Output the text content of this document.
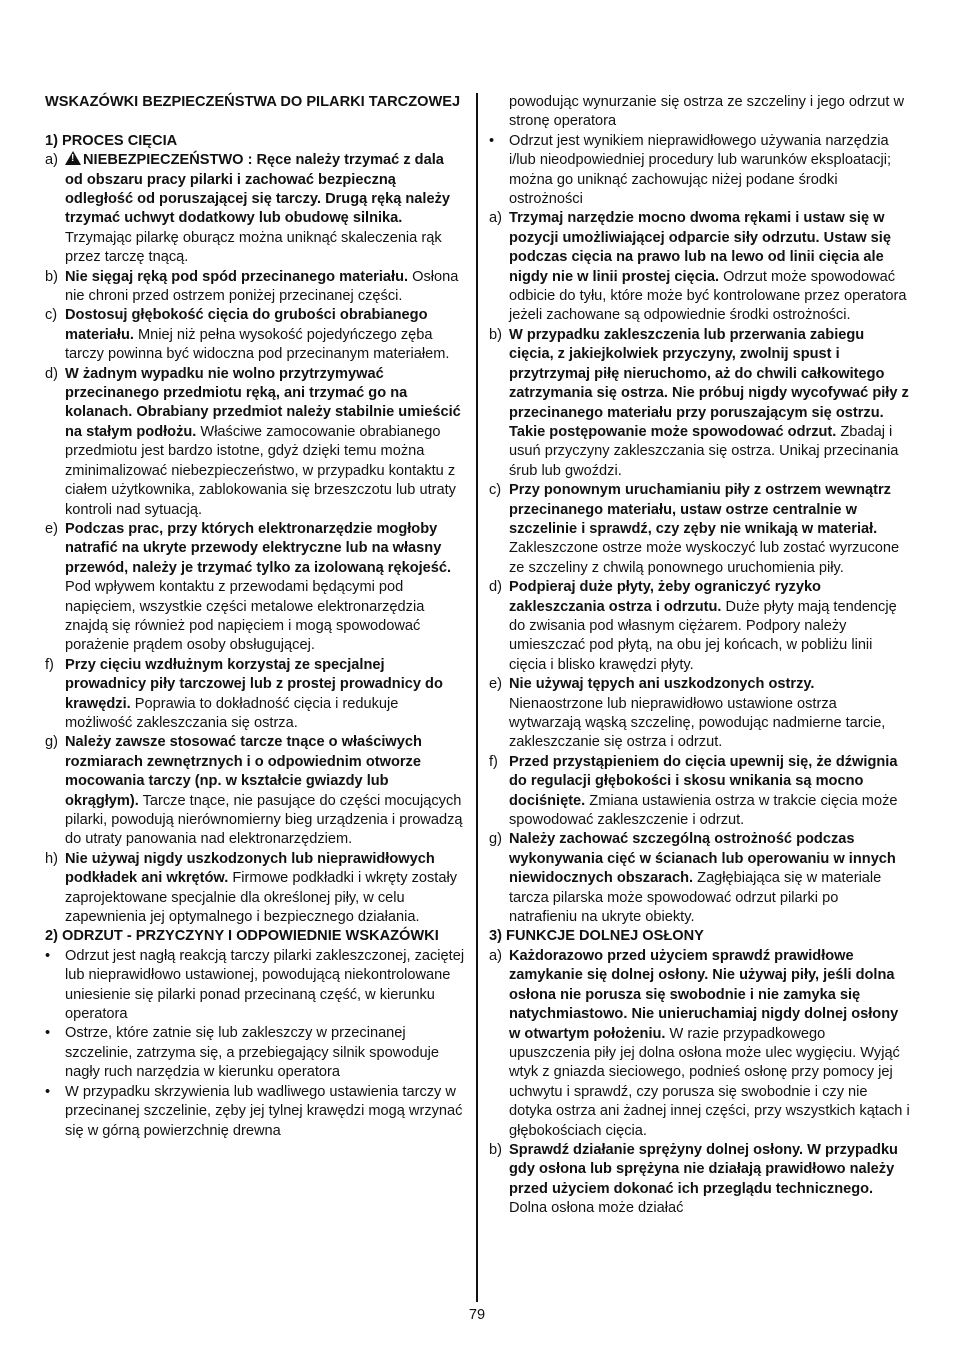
WSKAZÓWKI BEZPIECZEŃSTWA DO PILARKI TARCZOWEJ

1) PROCES CIĘCIA

a)
!	NIEBEZPIECZEŃSTWO : Ręce należy trzymać z dala od obszaru pracy pilarki i zachować bezpieczną odległość od poruszającej się tarczy. Drugą ręką należy trzymać uchwyt dodatkowy lub obudowę silnika. Trzymając pilarkę oburącz można uniknąć skaleczenia rąk przez tarczę tnącą.
b) Nie sięgaj ręką pod spód przecinanego materiału. Osłona nie chroni przed ostrzem poniżej przecinanej części.
c) Dostosuj głębokość cięcia do grubości obrabianego materiału. Mniej niż pełna wysokość pojedyńczego zęba tarczy powinna być widoczna pod przecinanym materiałem.
d) W żadnym wypadku nie wolno przytrzymywać przecinanego przedmiotu ręką, ani trzymać go na kolanach. Obrabiany przedmiot należy stabilnie umieścić na stałym podłożu. Właściwe zamocowanie obrabianego przedmiotu jest bardzo istotne, gdyż dzięki temu można zminimalizować niebezpieczeństwo, w przypadku kontaktu z ciałem użytkownika, zablokowania się brzeszczotu lub utraty kontroli nad sytuacją.
e) Podczas prac, przy których elektronarzędzie mogłoby natrafić na ukryte przewody elektryczne lub na własny przewód, należy je trzymać tylko za izolowaną rękojeść. Pod wpływem kontaktu z przewodami będącymi pod napięciem, wszystkie części metalowe elektronarzędzia znajdą się również pod napięciem i mogą spowodować porażenie prądem osoby obsługującej.
f) Przy cięciu wzdłużnym korzystaj ze specjalnej prowadnicy piły tarczowej lub z prostej prowadnicy do krawędzi. Poprawia to dokładność cięcia i redukuje możliwość zakleszczania się ostrza.
g) Należy zawsze stosować tarcze tnące o właściwych rozmiarach zewnętrznych i o odpowiednim otworze mocowania tarczy (np. w kształcie gwiazdy lub okrągłym). Tarcze tnące, nie pasujące do części mocujących pilarki, powodują nierównomierny bieg urządzenia i prowadzą do utraty panowania nad elektronarzędziem.
h) Nie używaj nigdy uszkodzonych lub nieprawidłowych podkładek ani wkrętów. Firmowe podkładki i wkręty zostały zaprojektowane specjalnie dla określonej piły, w celu zapewnienia jej optymalnego i bezpiecznego działania.

2) ODRZUT - PRZYCZYNY I ODPOWIEDNIE WSKAZÓWKI

•	Odrzut jest nagłą reakcją tarczy pilarki zakleszczonej, zaciętej lub nieprawidłowo ustawionej, powodującą niekontrolowane uniesienie się pilarki ponad przecinaną część, w kierunku operatora
•	Ostrze, które zatnie się lub zakleszczy w przecinanej szczelinie, zatrzyma się, a przebiegający silnik spowoduje nagły ruch narzędzia w kierunku operatora
•	W przypadku skrzywienia lub wadliwego ustawienia tarczy w przecinanej szczelinie, zęby jej tylnej krawędzi mogą wrzynać się w górną powierzchnię drewna

powodując wynurzanie się ostrza ze szczeliny i jego odrzut w stronę operatora

•	Odrzut jest wynikiem nieprawidłowego używania narzędzia i/lub nieodpowiedniej procedury lub warunków eksploatacji; można go uniknąć zachowując niżej podane środki ostrożności
a) Trzymaj narzędzie mocno dwoma rękami i ustaw się w pozycji umożliwiającej odparcie siły odrzutu. Ustaw się podczas cięcia na prawo lub na lewo od linii cięcia ale nigdy nie w linii prostej cięcia. Odrzut może spowodować odbicie do tyłu, które może być kontrolowane przez operatora jeżeli zachowane są odpowiednie środki ostrożności.
b) W przypadku zakleszczenia lub przerwania zabiegu cięcia, z jakiejkolwiek przyczyny, zwolnij spust i przytrzymaj piłę nieruchomo, aż do chwili całkowitego zatrzymania się ostrza. Nie próbuj nigdy wycofywać piły z przecinanego materiału przy poruszającym się ostrzu. Takie postępowanie może spowodować odrzut. Zbadaj i usuń przyczyny zakleszczania się ostrza. Unikaj przecinania śrub lub gwoździ.
c) Przy ponownym uruchamianiu piły z ostrzem wewnątrz przecinanego materiału, ustaw ostrze centralnie w szczelinie i sprawdź, czy zęby nie wnikają w materiał. Zakleszczone ostrze może wyskoczyć lub zostać wyrzucone ze szczeliny z chwilą ponownego uruchomienia piły.
d) Podpieraj duże płyty, żeby ograniczyć ryzyko zakleszczania ostrza i odrzutu. Duże płyty mają tendencję do zwisania pod własnym ciężarem. Podpory należy umieszczać pod płytą, na obu jej końcach, w pobliżu linii cięcia i blisko krawędzi płyty.
e) Nie używaj tępych ani uszkodzonych ostrzy. Nienaostrzone lub nieprawidłowo ustawione ostrza wytwarzają wąską szczelinę, powodując nadmierne tarcie, zakleszczanie się ostrza i odrzut.
f) Przed przystąpieniem do cięcia upewnij się, że dźwignia do regulacji głębokości i skosu wnikania są mocno dociśnięte. Zmiana ustawienia ostrza w trakcie cięcia może spowodować zakleszczenie i odrzut.
g) Należy zachować szczególną ostrożność podczas wykonywania cięć w ścianach lub operowaniu w innych niewidocznych obszarach. Zagłębiająca się w materiale tarcza pilarska może spowodować odrzut pilarki po natrafieniu na ukryte obiekty.

3) FUNKCJE DOLNEJ OSŁONY

a) Każdorazowo przed użyciem sprawdź prawidłowe zamykanie się dolnej osłony. Nie używaj piły, jeśli dolna osłona nie porusza się swobodnie i nie zamyka się natychmiastowo. Nie unieruchamiaj nigdy dolnej osłony w otwartym położeniu. W razie przypadkowego upuszczenia piły jej dolna osłona może ulec wygięciu. Wyjąć wtyk z gniazda sieciowego, podnieś osłonę przy pomocy jej uchwytu i sprawdź, czy porusza się swobodnie i czy nie dotyka ostrza ani żadnej innej części, przy wszystkich kątach i głębokościach cięcia.
b) Sprawdź działanie sprężyny dolnej osłony. W przypadku gdy osłona lub sprężyna nie działają prawidłowo należy przed użyciem dokonać ich przeglądu technicznego. Dolna osłona może działać
79
